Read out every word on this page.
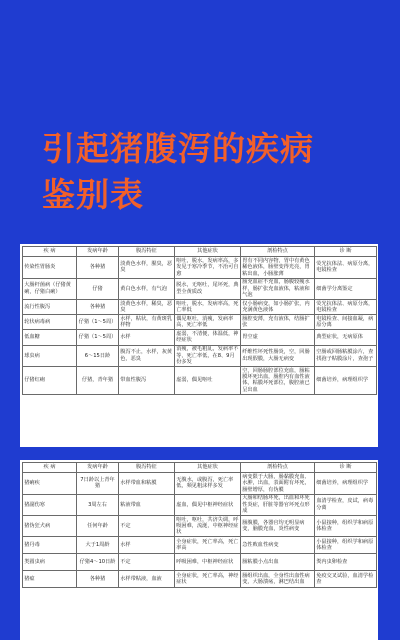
引起猪腹泻的疾病
鉴别表
疾 病	发病年龄	腹泻特征	其他症状	剖检特点	诊 断
传染性胃肠炎	各种猪	淡黄色水样，腥臭，恶臭	呕吐，脱水，发病率高，多发见于寒冷季节，不治可自愈	胃有不同内容物，胃中有黄色稀色液体，肠壁变得光亮，胃粘出血，小肠胀薄	荧光抗体法、病原分离，电镜检查
大肠杆菌病（仔猪黄痢，仔猪白痢）	仔猪	黄白色水样，有气泡	脱水，无呕吐，尾坏死，典型全黄质改	肠充血症不充血，肠腹较瘦水样，肠扩张充血液体，粘液和气泡	细菌学分离鉴定
流行性腹泻	各种猪	淡黄色水样，稀臭，恶臭	呕吐，脱水，发病率高，死亡率低	仅小肠病变，如小肠扩张，内充满黄色液体	荧光抗体法、病原分离，电镜检查
轮状病毒病	仔猪（1～5周）	水样，粘状，有黄斑乳样物	偶见呕吐，消瘦，发病率高，死亡率低	肠腔变薄，充有液体，结肠扩张	电镜检查、间接血凝，病原分离
低血糖	仔猪（1～5周）	水样	虚弱，不清便，体温低，神经症状	胃空虚	典型症状，无病原体
球虫病	6～15日龄	腹泻不止，水样，灰黄色，恶臭	消瘦，被毛粗乱，发病率不等，死亡率低，在8、9月份多发	纤维性坏死性肠炎，空，回肠出现假膜，大肠无病变	空肠或回肠粘膜涂片，查找孢子粘膜涂片，查孢子
仔猪红痢	仔猪，青年猪	带血性腹泻	虚弱，偶见呕吐	空，回肠肠腔部位充血，肠粘膜坏死出血，肠腔内有血性液体，粘膜坏死部位，腹腔液已呈出血	细菌培养，病理组织学
疾 病	发病年龄	腹泻特征	其他症状	剖检特点	诊 断
猪痢疾	7日龄以上青年猪	水样带血和粘膜	无腹水，或腹泻，死亡率低，频见粗沫样多发	病变限于大肠，肠黏膜充血、水肿，出血，表面附有坏死，肠壁增厚，有伪膜	细菌培养，病理组织学
猪副伤寒	3周左右	粘液带血	虚血，偶见中枢神经症状	大肠和结肠坏死，出血和坏死性炎症，肝脏等器官坏死点形成	血清学检查，皮试，病毒分离
猪伪狂犬病	任何年龄	不定	呕吐，呕吐，共济失调，呼吸困难，流涎，中枢神经症状	肠腹膜，各器官均无明显病变，脑膜充血，炎性病变	小鼠接种，组织学和病原体检查
猪丹毒	大于1周龄	水样	全身症状，死亡率高，死亡率高	急性败血性病变	小鼠接种，组织学和病原体检查
类圆虫病	仔猪4～10日龄	不定	呼吸困难，中枢神经症状	肠粘膜小点出血	粪内虫卵检查
猪瘟	各种猪	水样带粘液，血液	全身症状，死亡率高，神经症状	肠组织出血，全身性出血性病变，大肠溃疡，淋巴结出血	免疫交叉试验，血清学检查
